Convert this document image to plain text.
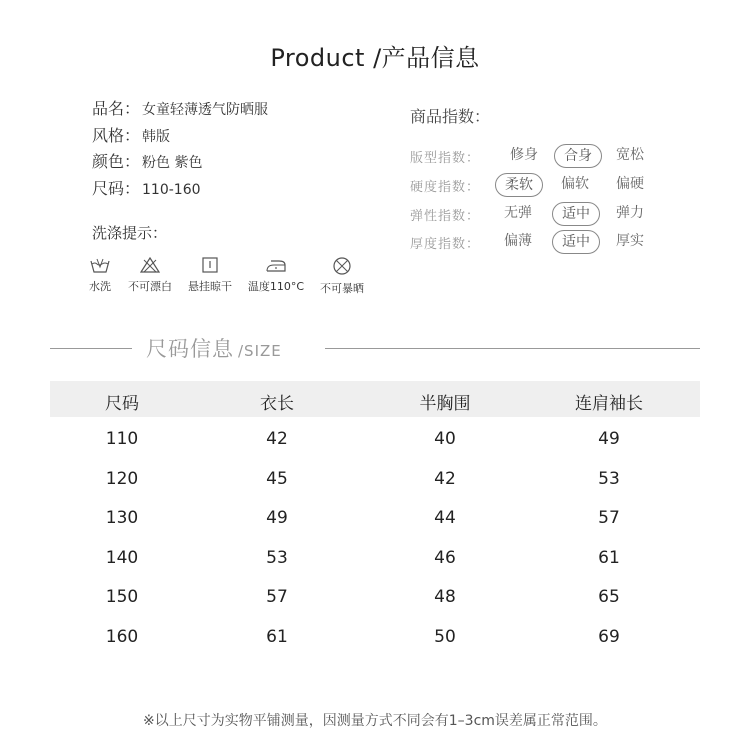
Product /产品信息
品名： 女童轻薄透气防晒服
风格： 韩版
颜色： 粉色 紫色
尺码： 110-160
洗涤提示：
水洗	不可漂白	悬挂晾干	温度110°C	不可暴晒
商品指数：
版型指数：	修身	合身	宽松
硬度指数：	柔软	偏软	偏硬
弹性指数：	无弹	适中	弹力
厚度指数：	偏薄	适中	厚实
尺码信息 /SIZE
尺码	衣长	半胸围	连肩袖长
110	42	40	49
120	45	42	53
130	49	44	57
140	53	46	61
150	57	48	65
160	61	50	69
※以上尺寸为实物平铺测量，因测量方式不同会有1–3cm误差属正常范围。
